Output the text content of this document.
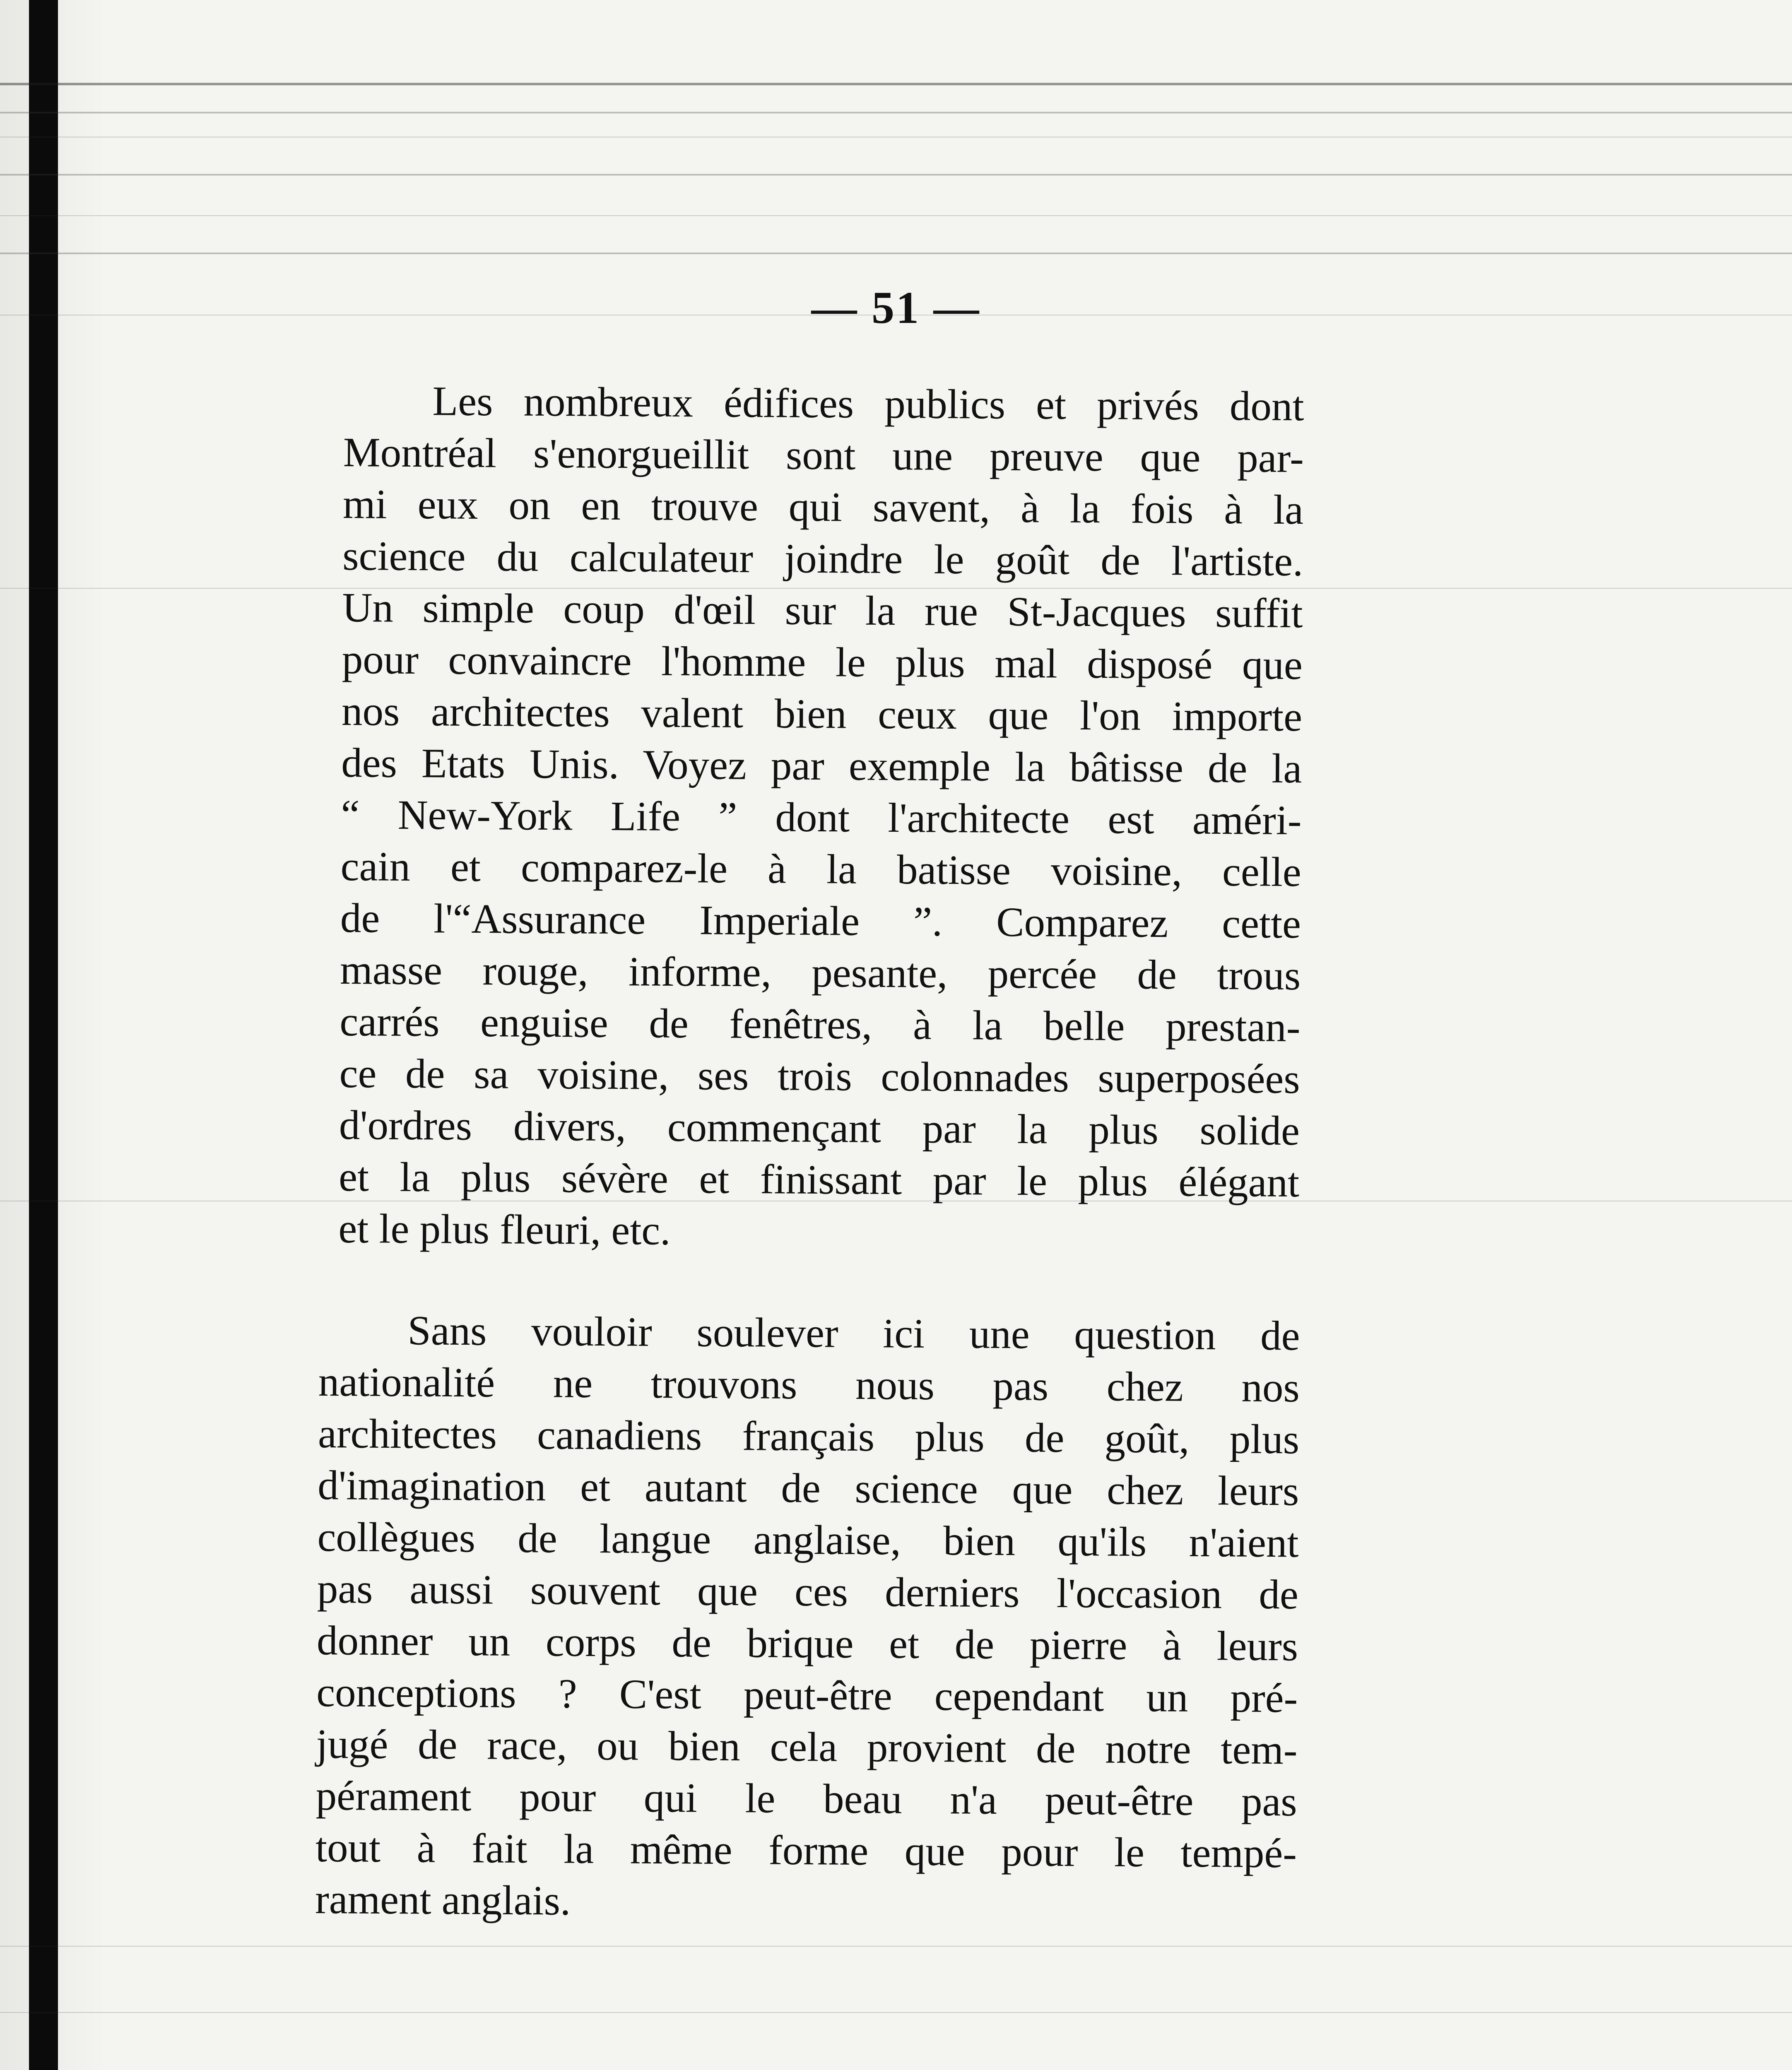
— 51 —

Les nombreux édifices publics et privés dont
Montréal s'enorgueillit sont une preuve que par-
mi eux on en trouve qui savent, à la fois à la
science du calculateur joindre le goût de l'artiste.
Un simple coup d'œil sur la rue St-Jacques suffit
pour convaincre l'homme le plus mal disposé que
nos architectes valent bien ceux que l'on importe
des Etats Unis. Voyez par exemple la bâtisse de la
“ New-York Life ” dont l'architecte est améri-
cain et comparez-le à la batisse voisine, celle
de l'“Assurance Imperiale ”. Comparez cette
masse rouge, informe, pesante, percée de trous
carrés enguise de fenêtres, à la belle prestan-
ce de sa voisine, ses trois colonnades superposées
d'ordres divers, commençant par la plus solide
et la plus sévère et finissant par le plus élégant
et le plus fleuri, etc.

Sans vouloir soulever ici une question de
nationalité ne trouvons nous pas chez nos
architectes canadiens français plus de goût, plus
d'imagination et autant de science que chez leurs
collègues de langue anglaise, bien qu'ils n'aient
pas aussi souvent que ces derniers l'occasion de
donner un corps de brique et de pierre à leurs
conceptions ? C'est peut-être cependant un pré-
jugé de race, ou bien cela provient de notre tem-
pérament pour qui le beau n'a peut-être pas
tout à fait la même forme que pour le tempé-
rament anglais.
